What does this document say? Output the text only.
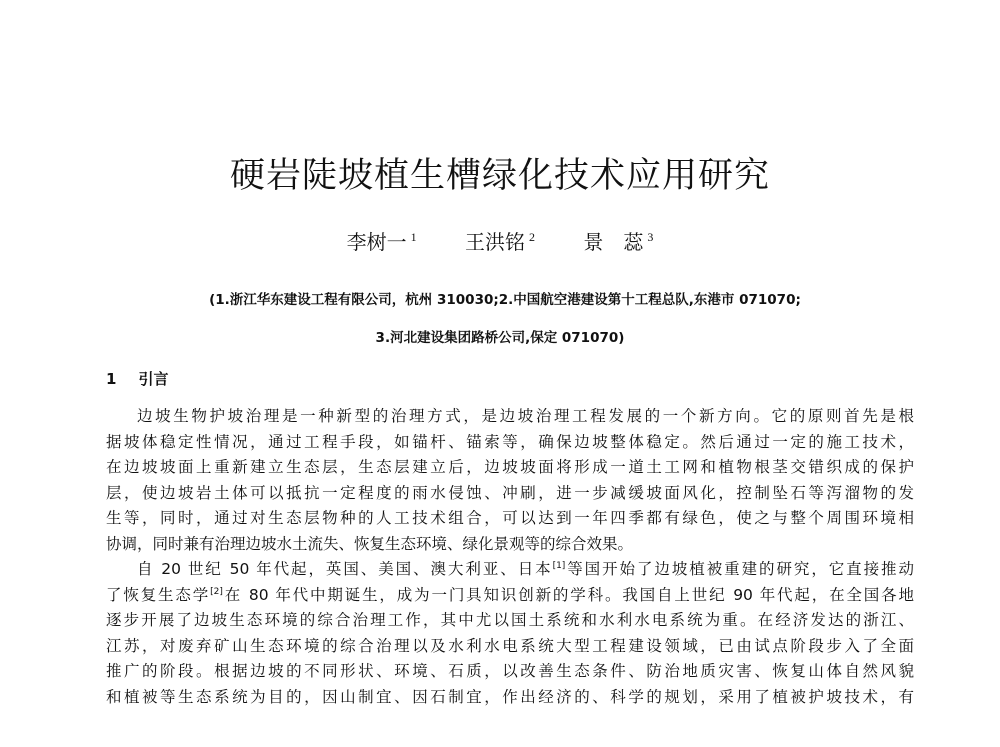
硬岩陡坡植生槽绿化技术应用研究
李树一 $^1$ 王洪铭 $^2$ 景　蕊 $^3$
(1.浙江华东建设工程有限公司，杭州 310030;2.中国航空港建设第十工程总队,东港市 071070;
3.河北建设集团路桥公司,保定 071070)
1 引言
边坡生物护坡治理是一种新型的治理方式，是边坡治理工程发展的一个新方向。它的原则首先是根
据坡体稳定性情况，通过工程手段，如锚杆、锚索等，确保边坡整体稳定。然后通过一定的施工技术，
在边坡坡面上重新建立生态层，生态层建立后，边坡坡面将形成一道土工网和植物根茎交错织成的保护
层，使边坡岩土体可以抵抗一定程度的雨水侵蚀、冲刷，进一步减缓坡面风化，控制坠石等泻溜物的发
生等，同时，通过对生态层物种的人工技术组合，可以达到一年四季都有绿色，使之与整个周围环境相
协调，同时兼有治理边坡水土流失、恢复生态环境、绿化景观等的综合效果。
自 20 世纪 50 年代起，英国、美国、澳大利亚、日本[1]等国开始了边坡植被重建的研究，它直接推动
了恢复生态学[2]在 80 年代中期诞生，成为一门具知识创新的学科。我国自上世纪 90 年代起，在全国各地
逐步开展了边坡生态环境的综合治理工作，其中尤以国土系统和水利水电系统为重。在经济发达的浙江、
江苏，对废弃矿山生态环境的综合治理以及水利水电系统大型工程建设领域，已由试点阶段步入了全面
推广的阶段。根据边坡的不同形状、环境、石质，以改善生态条件、防治地质灾害、恢复山体自然风貌
和植被等生态系统为目的，因山制宜、因石制宜，作出经济的、科学的规划，采用了植被护坡技术，有
